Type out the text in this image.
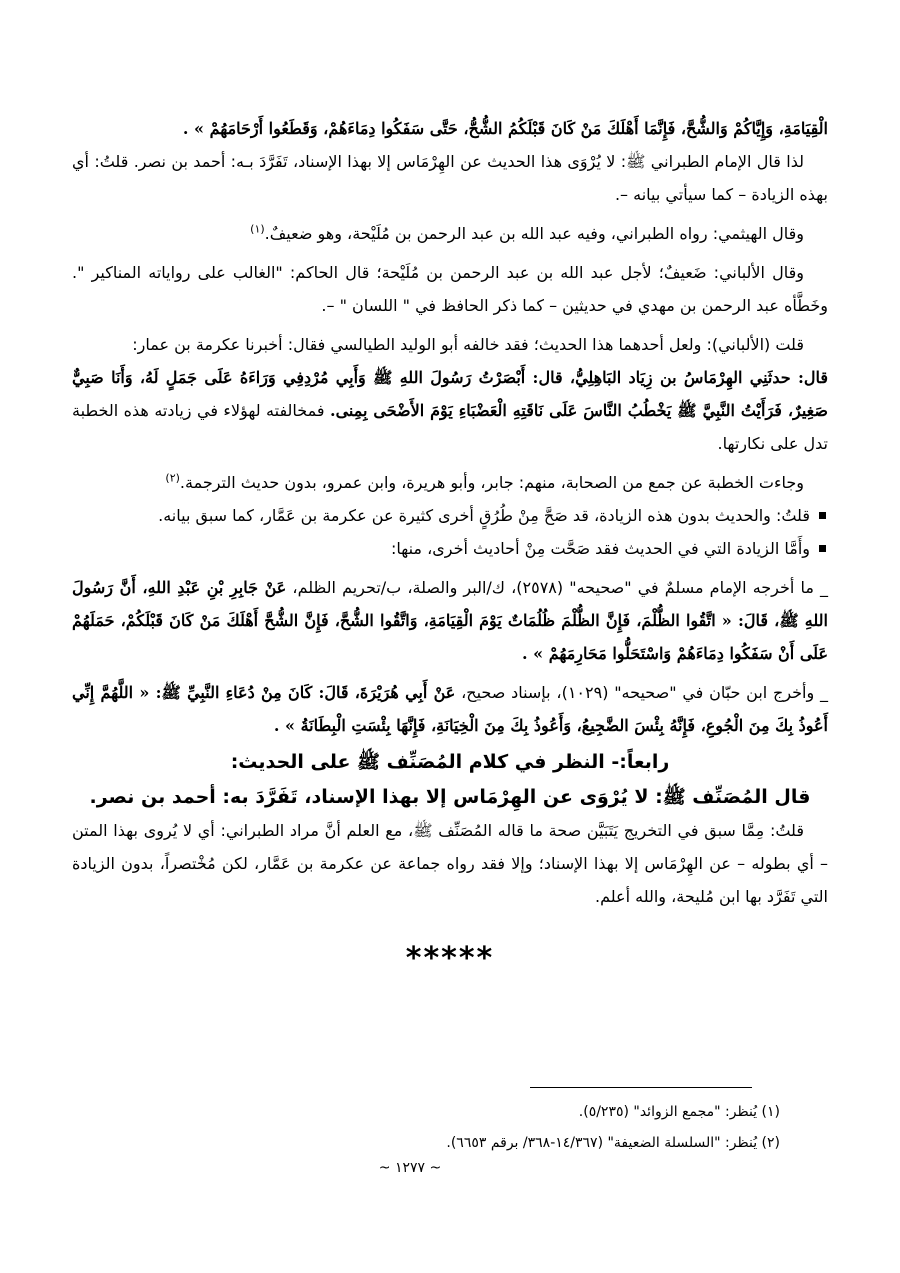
الْقِيَامَةِ، وَإِيَّاكُمْ وَالشُّحَّ، فَإِنَّمَا أَهْلَكَ مَنْ كَانَ قَبْلَكُمُ الشُّحُّ، حَتَّى سَفَكُوا دِمَاءَهُمْ، وَقَطَعُوا أَرْحَامَهُمْ » .

لذا قال الإمام الطبراني ﷺ: لا يُرْوَى هذا الحديث عن الهِرْمَاس إلا بهذا الإسناد، تَفَرَّدَ بـه: أحمد بن نصر. قلتُ: أي بهذه الزيادة – كما سيأتي بيانه –.

وقال الهيثمي: رواه الطبراني، وفيه عبد الله بن عبد الرحمن بن مُلَيْحة، وهو ضعيفٌ.$^{(١)}$

وقال الألباني: ضَعيفٌ؛ لأجل عبد الله بن عبد الرحمن بن مُلَيْحة؛ قال الحاكم: "الغالب على رواياته المناكير ". وخَطَّأه عبد الرحمن بن مهدي في حديثين – كما ذكر الحافظ في " اللسان " –.

قلت (الألباني): ولعل أحدهما هذا الحديث؛ فقد خالفه أبو الوليد الطيالسي فقال: أخبرنا عكرمة بن عمار:

قال: حدثَنِي الهِرْمَاسُ بن زِيَاد البَاهِلِيُّ، قال: أَبْصَرْتُ رَسُولَ اللهِ ﷺ وَأَبِي مُرْدِفِي وَرَاءَهُ عَلَى جَمَلٍ لَهُ، وَأَنَا صَبِيٌّ صَغِيرٌ، فَرَأَيْتُ النَّبِيَّ ﷺ يَخْطُبُ النَّاسَ عَلَى نَاقَتِهِ الْعَضْبَاءِ يَوْمَ الأَضْحَى بِمِنى. فمخالفته لهؤلاء في زيادته هذه الخطبة تدل على نكارتها.

وجاءت الخطبة عن جمع من الصحابة، منهم: جابر، وأبو هريرة، وابن عمرو، بدون حديث الترجمة.$^{(٢)}$

قلتُ: والحديث بدون هذه الزيادة، قد صَحَّ مِنْ طُرُقٍ أخرى كثيرة عن عكرمة بن عَمَّار، كما سبق بيانه.

وأَمَّا الزيادة التي في الحديث فقد صَحَّت مِنْ أحاديث أخرى، منها:

_ ما أخرجه الإمام مسلمٌ في "صحيحه" (٢٥٧٨)، ك/البر والصلة، ب/تحريم الظلم، عَنْ جَابِرِ بْنِ عَبْدِ اللهِ، أَنَّ رَسُولَ اللهِ ﷺ، قَالَ: « اتَّقُوا الظُّلْمَ، فَإِنَّ الظُّلْمَ ظُلُمَاتٌ يَوْمَ الْقِيَامَةِ، وَاتَّقُوا الشُّحَّ، فَإِنَّ الشُّحَّ أَهْلَكَ مَنْ كَانَ قَبْلَكُمْ، حَمَلَهُمْ عَلَى أَنْ سَفَكُوا دِمَاءَهُمْ وَاسْتَحَلُّوا مَحَارِمَهُمْ » .

_ وأخرج ابن حبّان في "صحيحه" (١٠٢٩)، بإسناد صحيح، عَنْ أَبِي هُرَيْرَةَ، قَالَ: كَانَ مِنْ دُعَاءِ النَّبِيِّ ﷺ: « اللَّهُمَّ إِنِّي أَعُوذُ بِكَ مِنَ الْجُوعِ، فَإِنَّهُ بِئْسَ الضَّجِيعُ، وَأَعُوذُ بِكَ مِنَ الْخِيَانَةِ، فَإِنَّهَا بِئْسَتِ الْبِطَانَةُ » .

رابعاً:- النظر في كلام المُصَنِّف ﷺ على الحديث:

قال المُصَنِّف ﷺ: لا يُرْوَى عن الهِرْمَاس إلا بهذا الإسناد، تَفَرَّدَ به: أحمد بن نصر.

قلتُ: مِمَّا سبق في التخريج يَتَبَيَّن صحة ما قاله المُصَنِّف ﷺ، مع العلم أنَّ مراد الطبراني: أي لا يُروى بهذا المتن – أي بطوله – عن الهِرْمَاس إلا بهذا الإسناد؛ وإلا فقد رواه جماعة عن عكرمة بن عَمَّار، لكن مُخْتصراً، بدون الزيادة التي تَفَرَّد بها ابن مُليحة، والله أعلم.

*****
(١) يُنظر: "مجمع الزوائد" (٥/٢٣٥).
(٢) يُنظر: "السلسلة الضعيفة" (١٤/٣٦٧-٣٦٨/ برقم ٦٦٥٣).
~ ١٢٧٧ ~
